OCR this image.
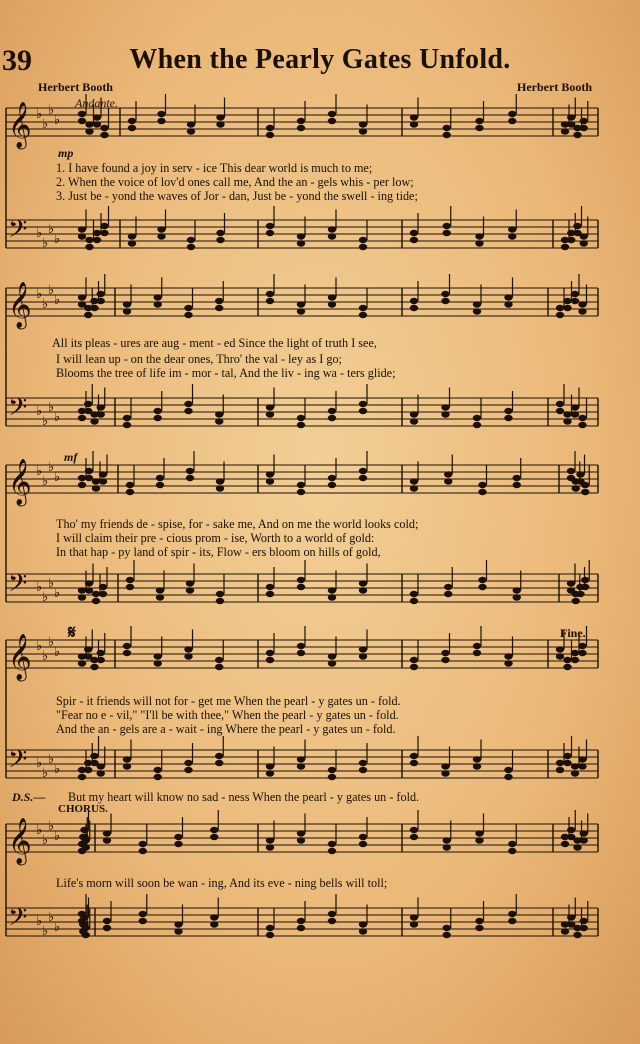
39	When the Pearly Gates Unfold.
Herbert Booth	Herbert Booth
Andante.
𝄞 ♭
♭
♭
♭
𝄢 ♭
♭
♭
♭
𝄞 ♭
♭
♭
♭
𝄢 ♭
♭
♭
♭
𝄞 ♭
♭
♭
♭
𝄢 ♭
♭
♭
♭
𝄞 ♭
♭
♭
♭
𝄢 ♭
♭
♭
♭
𝄞 ♭
♭
♭
♭
𝄢 ♭
♭
♭
♭
mp
mf
𝄋	Fine.
1. I have found a joy in serv - ice This dear world is much to me;
2. When the voice of lov'd ones call me, And the an - gels whis - per low;
3. Just be - yond the waves of Jor - dan, Just be - yond the swell - ing tide;
All its pleas - ures are aug - ment - ed Since the light of truth I see,
I will lean up - on the dear ones, Thro' the val - ley as I go;
Blooms the tree of life im - mor - tal, And the liv - ing wa - ters glide;
Tho' my friends de - spise, for - sake me, And on me the world looks cold;
I will claim their pre - cious prom - ise, Worth to a world of gold:
In that hap - py land of spir - its, Flow - ers bloom on hills of gold,
Spir - it friends will not for - get me When the pearl - y gates un - fold.
"Fear no e - vil," "I'll be with thee," When the pearl - y gates un - fold.
And the an - gels are a - wait - ing Where the pearl - y gates un - fold.
D.S.— But my heart will know no sad - ness When the pearl - y gates un - fold.
CHORUS.
Life's morn will soon be wan - ing, And its eve - ning bells will toll;
